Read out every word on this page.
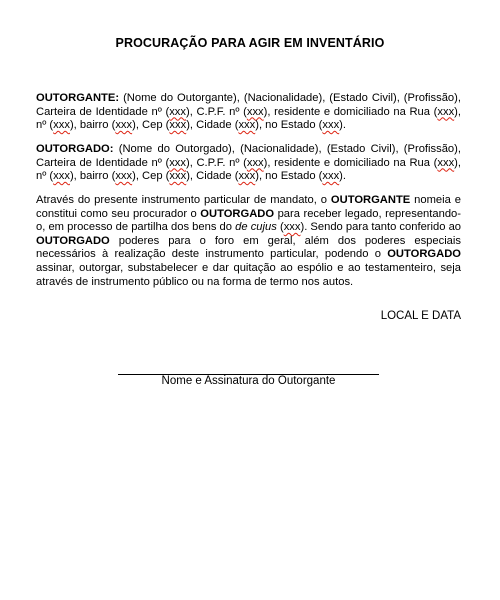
PROCURAÇÃO PARA AGIR EM INVENTÁRIO
OUTORGANTE: (Nome do Outorgante), (Nacionalidade), (Estado Civil), (Profissão), Carteira de Identidade nº (xxx), C.P.F. nº (xxx), residente e domiciliado na Rua (xxx), nº (xxx), bairro (xxx), Cep (xxx), Cidade (xxx), no Estado (xxx).
OUTORGADO: (Nome do Outorgado), (Nacionalidade), (Estado Civil), (Profissão), Carteira de Identidade nº (xxx), C.P.F. nº (xxx), residente e domiciliado na Rua (xxx), nº (xxx), bairro (xxx), Cep (xxx), Cidade (xxx), no Estado (xxx).
Através do presente instrumento particular de mandato, o OUTORGANTE nomeia e constitui como seu procurador o OUTORGADO para receber legado, representando-o, em processo de partilha dos bens do de cujus (xxx). Sendo para tanto conferido ao OUTORGADO poderes para o foro em geral, além dos poderes especiais necessários à realização deste instrumento particular, podendo o OUTORGADO assinar, outorgar, substabelecer e dar quitação ao espólio e ao testamenteiro, seja através de instrumento público ou na forma de termo nos autos.
LOCAL E DATA
Nome e Assinatura do Outorgante
